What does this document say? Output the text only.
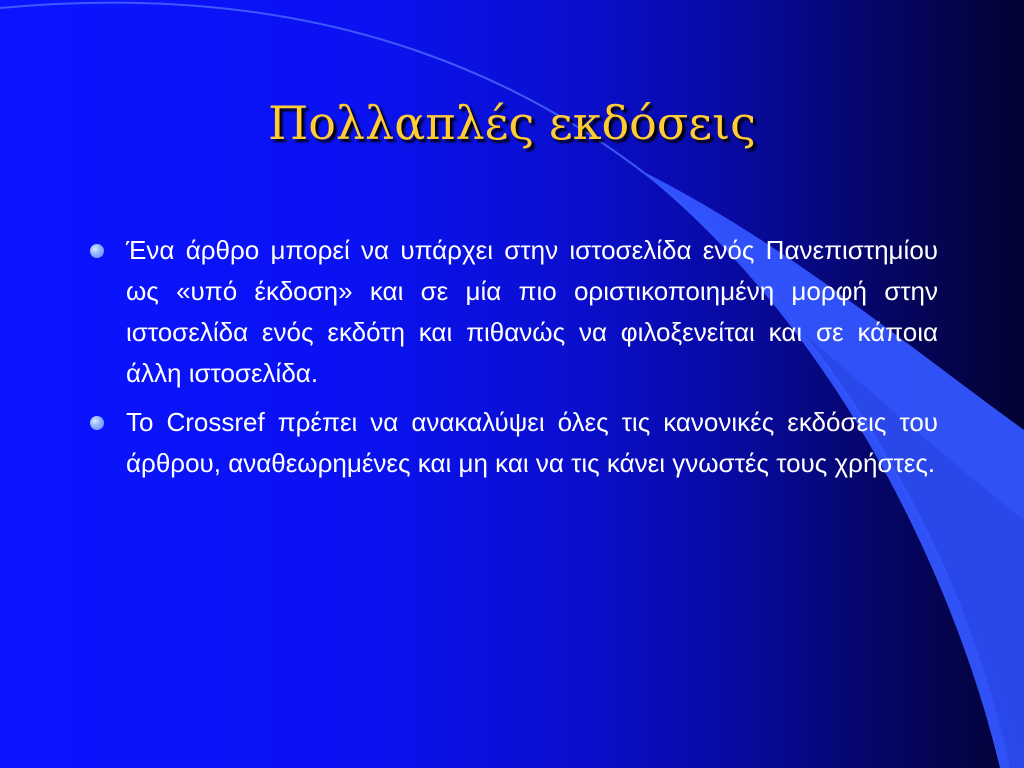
Πολλαπλές εκδόσεις
Ένα άρθρο μπορεί να υπάρχει στην ιστοσελίδα ενός Πανεπιστημίου ως «υπό έκδοση» και σε μία πιο οριστικοποιημένη μορφή στην ιστοσελίδα ενός εκδότη και πιθανώς να φιλοξενείται και σε κάποια άλλη ιστοσελίδα.
Το Crossref πρέπει να ανακαλύψει όλες τις κανονικές εκδόσεις του άρθρου, αναθεωρημένες και μη και να τις κάνει γνωστές τους χρήστες.
